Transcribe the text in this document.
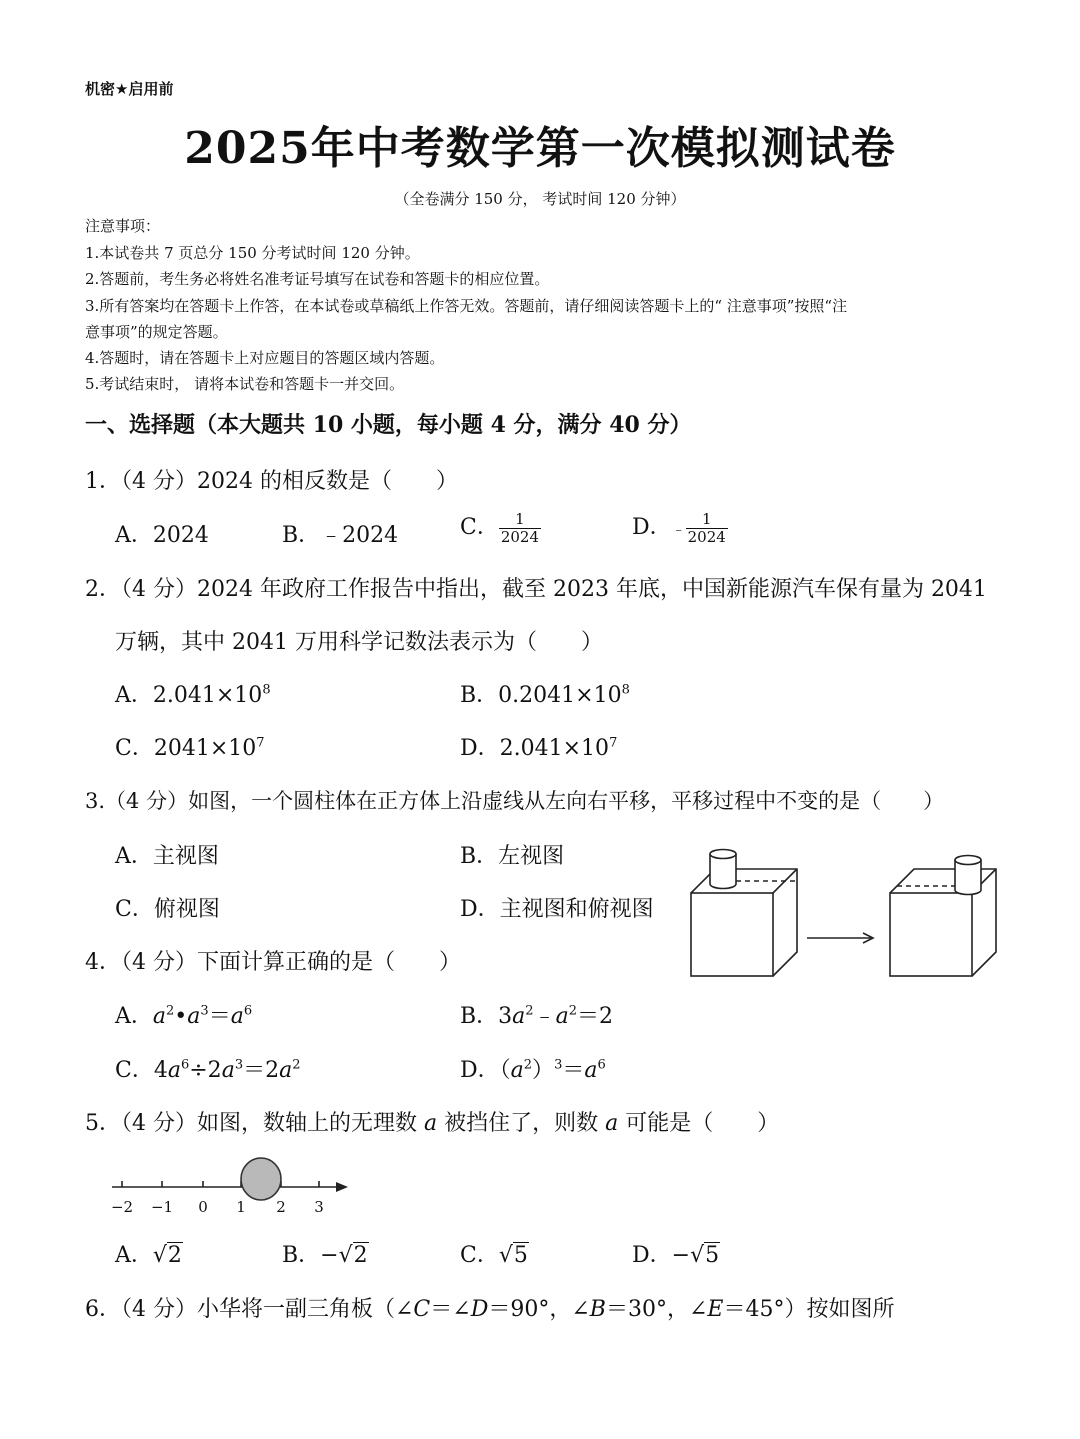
机密★启用前
2025年中考数学第一次模拟测试卷
（全卷满分 150 分， 考试时间 120 分钟）
注意事项：
1.本试卷共 7 页总分 150 分考试时间 120 分钟。
2.答题前，考生务必将姓名准考证号填写在试卷和答题卡的相应位置。
3.所有答案均在答题卡上作答，在本试卷或草稿纸上作答无效。答题前，请仔细阅读答题卡上的“ 注意事项”按照“注
意事项”的规定答题。
4.答题时，请在答题卡上对应题目的答题区域内答题。
5.考试结束时， 请将本试卷和答题卡一并交回。
一、选择题（本大题共 10 小题，每小题 4 分，满分 40 分）
1．（4 分）2024 的相反数是（　　）
A．2024	B．﹣2024	C． $\frac{1}{2024}$	D．﹣ $\frac{1}{2024}$
2．（4 分）2024 年政府工作报告中指出，截至 2023 年底，中国新能源汽车保有量为 2041
万辆，其中 2041 万用科学记数法表示为（　　）
A．$2.041\times 10^8$	B．$0.2041\times 10^8$
C．$2041\times 10^7$	D．$2.041\times 10^7$
3.（4 分）如图，一个圆柱体在正方体上沿虚线从左向右平移，平移过程中不变的是（　　）
A．主视图	B．左视图
C．俯视图	D．主视图和俯视图
4．（4 分）下面计算正确的是（　　）
A．$a^2•a^3=a^6$	B．$3a^2﹣a^2=2$
C．$4a^6\div 2a^3=2a^2$	D．$(a^2)^3=a^6$
5．（4 分）如图，数轴上的无理数 a 被挡住了，则数 a 可能是（　　）
−2 −1 0 1 2 3
A．√2	B．−√2	C．√5	D．−√5
6．（4 分）小华将一副三角板（∠C＝∠D＝90°，∠B＝30°，∠E＝45°）按如图所
